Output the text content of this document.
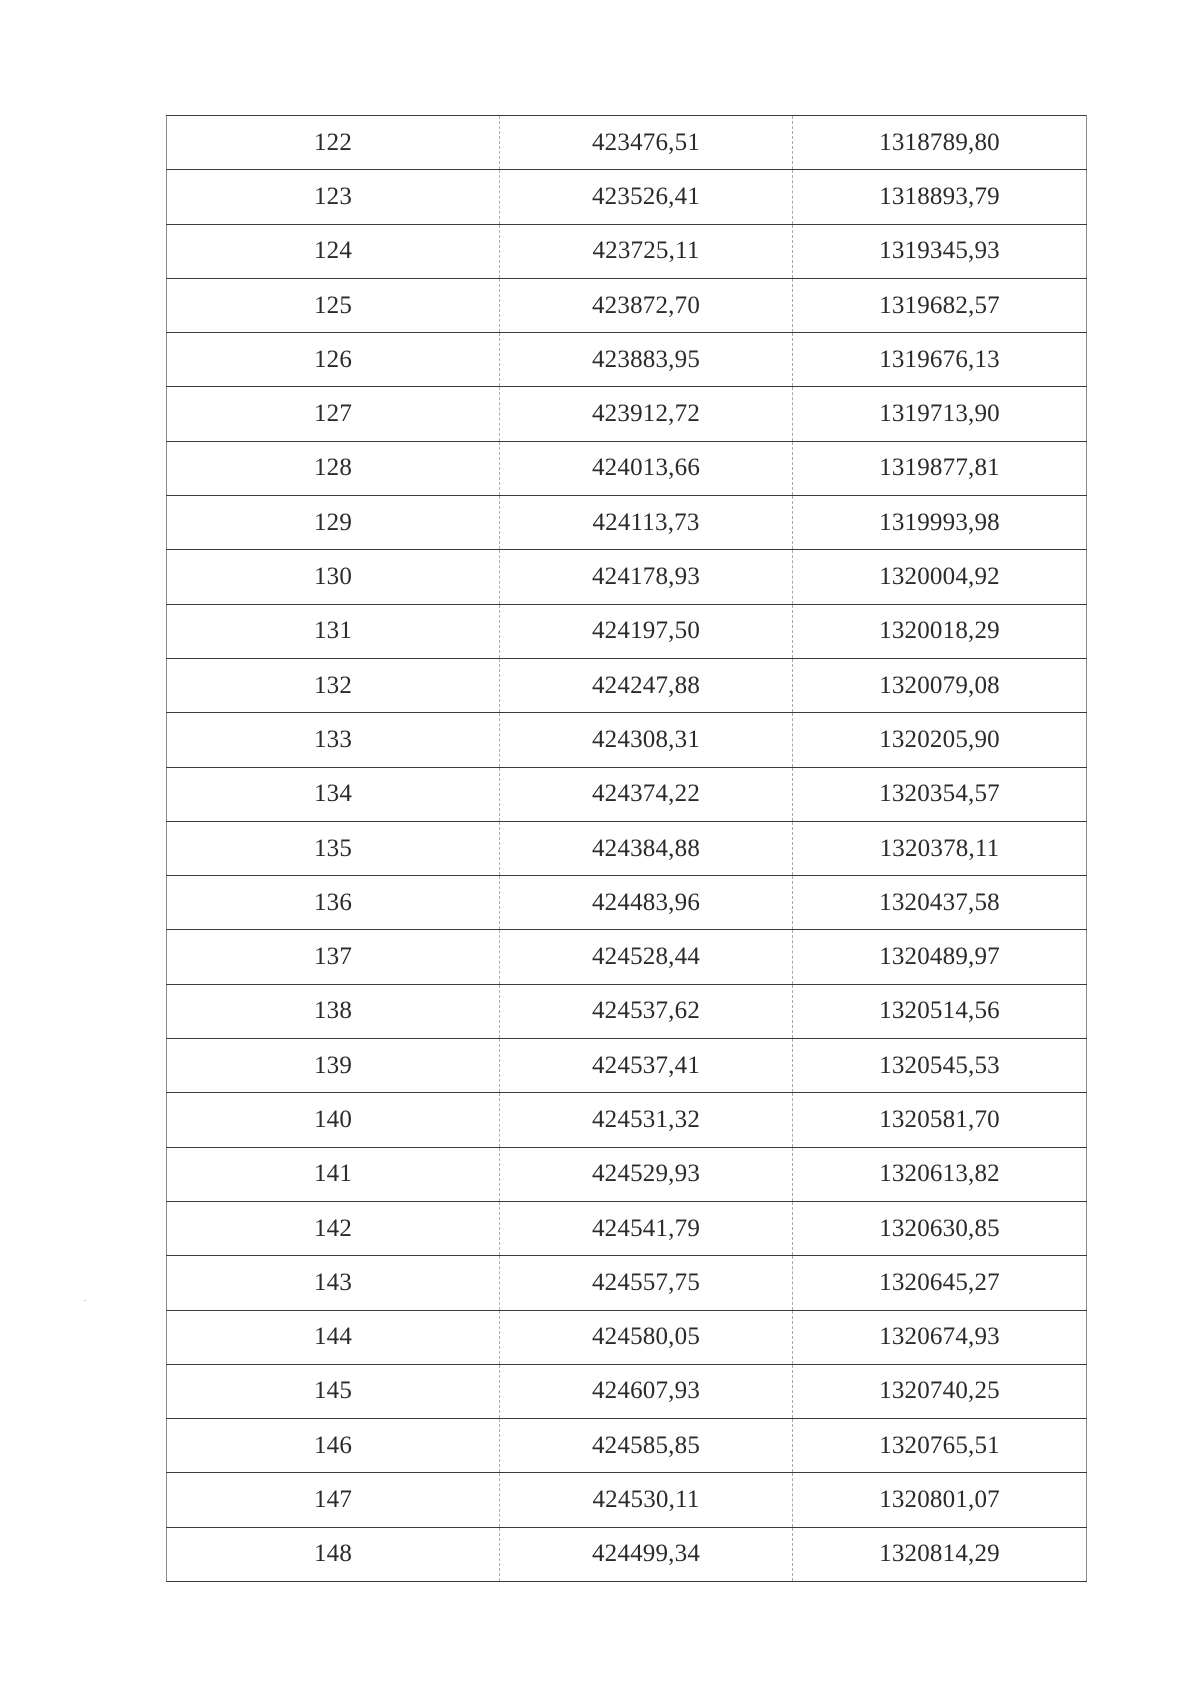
122	423476,51	1318789,80
123	423526,41	1318893,79
124	423725,11	1319345,93
125	423872,70	1319682,57
126	423883,95	1319676,13
127	423912,72	1319713,90
128	424013,66	1319877,81
129	424113,73	1319993,98
130	424178,93	1320004,92
131	424197,50	1320018,29
132	424247,88	1320079,08
133	424308,31	1320205,90
134	424374,22	1320354,57
135	424384,88	1320378,11
136	424483,96	1320437,58
137	424528,44	1320489,97
138	424537,62	1320514,56
139	424537,41	1320545,53
140	424531,32	1320581,70
141	424529,93	1320613,82
142	424541,79	1320630,85
143	424557,75	1320645,27
144	424580,05	1320674,93
145	424607,93	1320740,25
146	424585,85	1320765,51
147	424530,11	1320801,07
148	424499,34	1320814,29
